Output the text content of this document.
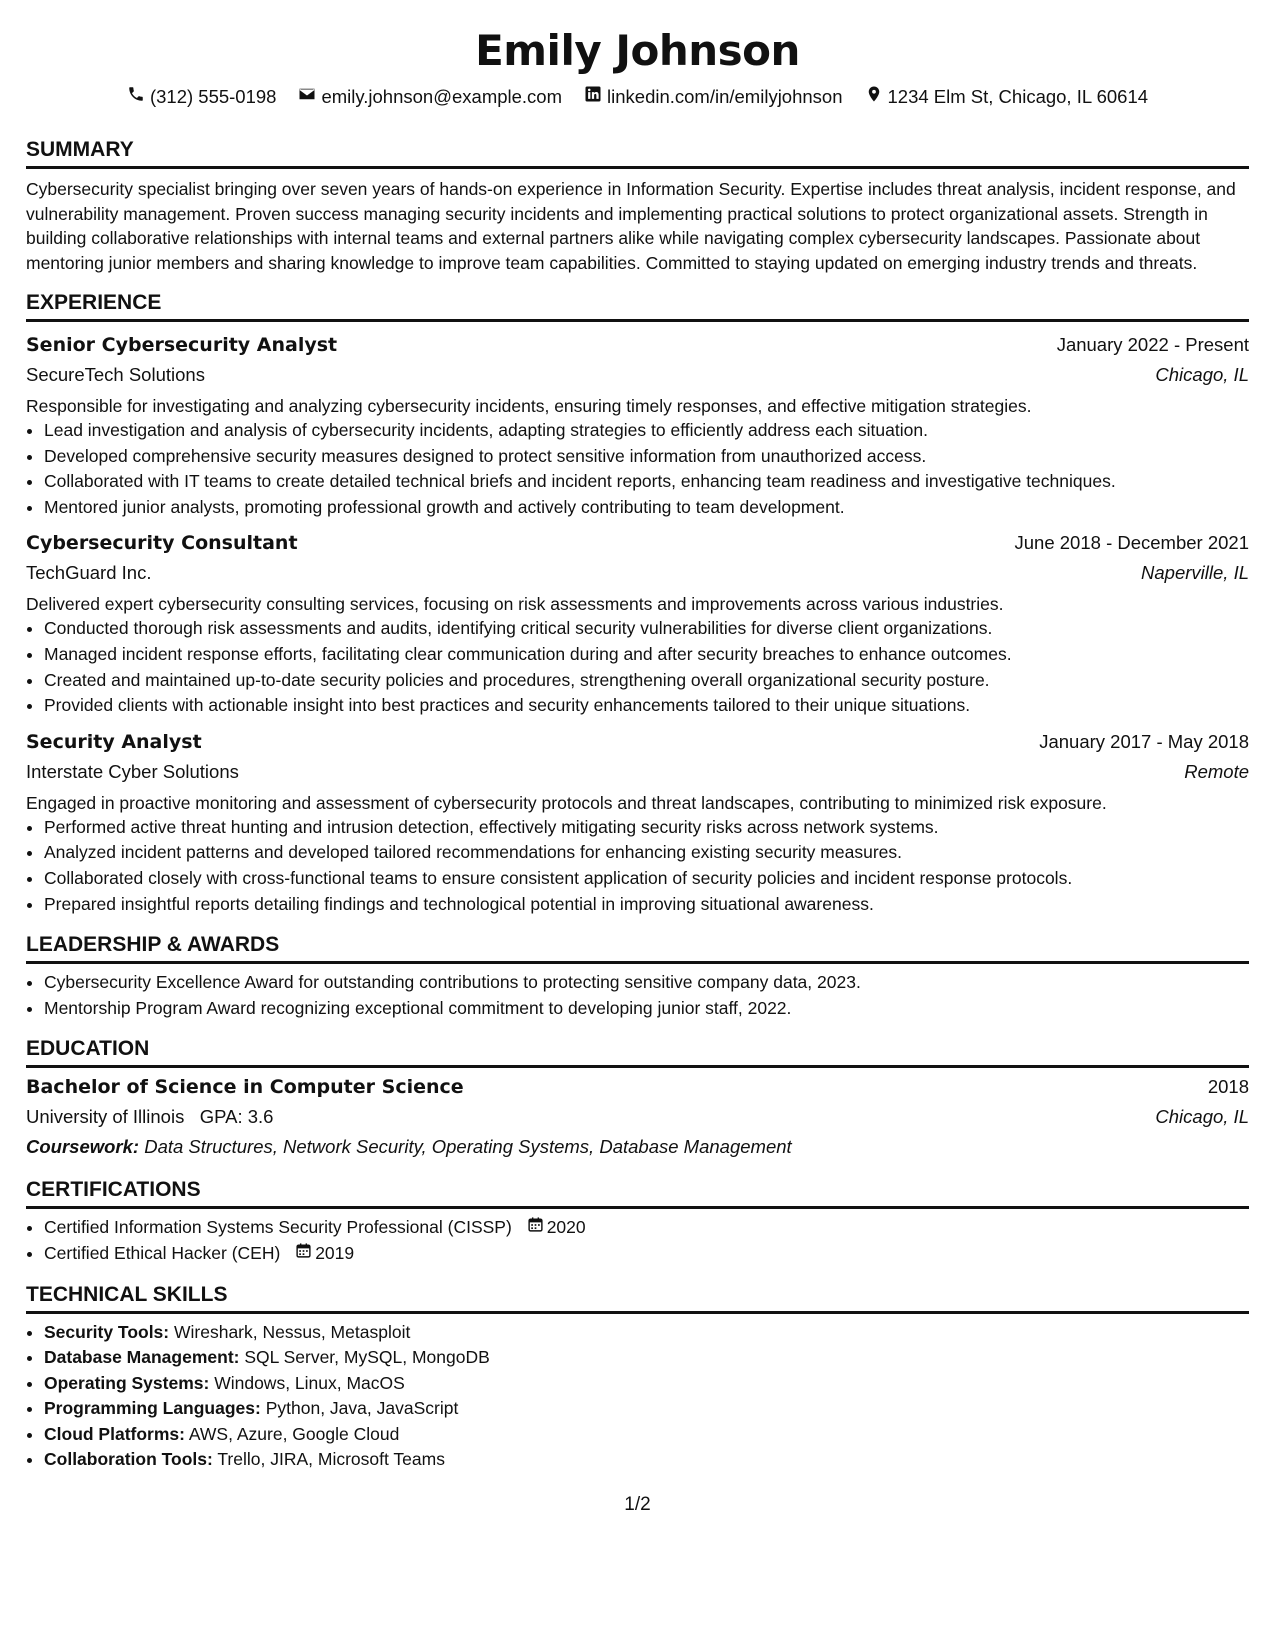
Emily Johnson
(312) 555-0198 emily.johnson@example.com linkedin.com/in/emilyjohnson 1234 Elm St, Chicago, IL 60614
SUMMARY
Cybersecurity specialist bringing over seven years of hands-on experience in Information Security. Expertise includes threat analysis, incident response, and vulnerability management. Proven success managing security incidents and implementing practical solutions to protect organizational assets. Strength in building collaborative relationships with internal teams and external partners alike while navigating complex cybersecurity landscapes. Passionate about mentoring junior members and sharing knowledge to improve team capabilities. Committed to staying updated on emerging industry trends and threats.
EXPERIENCE
Senior Cybersecurity Analyst	January 2022 - Present
SecureTech Solutions	Chicago, IL
Responsible for investigating and analyzing cybersecurity incidents, ensuring timely responses, and effective mitigation strategies.
• Lead investigation and analysis of cybersecurity incidents, adapting strategies to efficiently address each situation.
• Developed comprehensive security measures designed to protect sensitive information from unauthorized access.
• Collaborated with IT teams to create detailed technical briefs and incident reports, enhancing team readiness and investigative techniques.
• Mentored junior analysts, promoting professional growth and actively contributing to team development.
Cybersecurity Consultant	June 2018 - December 2021
TechGuard Inc.	Naperville, IL
Delivered expert cybersecurity consulting services, focusing on risk assessments and improvements across various industries.
• Conducted thorough risk assessments and audits, identifying critical security vulnerabilities for diverse client organizations.
• Managed incident response efforts, facilitating clear communication during and after security breaches to enhance outcomes.
• Created and maintained up-to-date security policies and procedures, strengthening overall organizational security posture.
• Provided clients with actionable insight into best practices and security enhancements tailored to their unique situations.
Security Analyst	January 2017 - May 2018
Interstate Cyber Solutions	Remote
Engaged in proactive monitoring and assessment of cybersecurity protocols and threat landscapes, contributing to minimized risk exposure.
• Performed active threat hunting and intrusion detection, effectively mitigating security risks across network systems.
• Analyzed incident patterns and developed tailored recommendations for enhancing existing security measures.
• Collaborated closely with cross-functional teams to ensure consistent application of security policies and incident response protocols.
• Prepared insightful reports detailing findings and technological potential in improving situational awareness.
LEADERSHIP & AWARDS
• Cybersecurity Excellence Award for outstanding contributions to protecting sensitive company data, 2023.
• Mentorship Program Award recognizing exceptional commitment to developing junior staff, 2022.
EDUCATION
Bachelor of Science in Computer Science	2018
University of Illinois GPA: 3.6	Chicago, IL
Coursework: Data Structures, Network Security, Operating Systems, Database Management
CERTIFICATIONS
• Certified Information Systems Security Professional (CISSP) 2020
• Certified Ethical Hacker (CEH) 2019
TECHNICAL SKILLS
• Security Tools: Wireshark, Nessus, Metasploit
• Database Management: SQL Server, MySQL, MongoDB
• Operating Systems: Windows, Linux, MacOS
• Programming Languages: Python, Java, JavaScript
• Cloud Platforms: AWS, Azure, Google Cloud
• Collaboration Tools: Trello, JIRA, Microsoft Teams
1/2
